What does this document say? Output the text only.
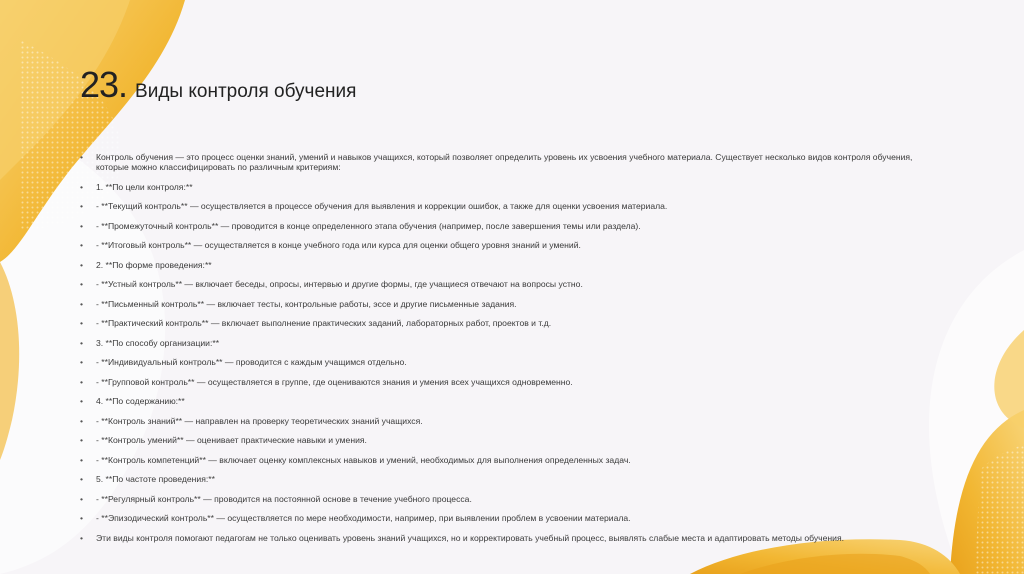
23. Виды контроля обучения
• Контроль обучения — это процесс оценки знаний, умений и навыков учащихся, который позволяет определить уровень их усвоения учебного материала. Существует несколько видов контроля обучения, которые можно классифицировать по различным критериям:
• 1. **По цели контроля:**
• - **Текущий контроль** — осуществляется в процессе обучения для выявления и коррекции ошибок, а также для оценки усвоения материала.
• - **Промежуточный контроль** — проводится в конце определенного этапа обучения (например, после завершения темы или раздела).
• - **Итоговый контроль** — осуществляется в конце учебного года или курса для оценки общего уровня знаний и умений.
• 2. **По форме проведения:**
• - **Устный контроль** — включает беседы, опросы, интервью и другие формы, где учащиеся отвечают на вопросы устно.
• - **Письменный контроль** — включает тесты, контрольные работы, эссе и другие письменные задания.
• - **Практический контроль** — включает выполнение практических заданий, лабораторных работ, проектов и т.д.
• 3. **По способу организации:**
• - **Индивидуальный контроль** — проводится с каждым учащимся отдельно.
• - **Групповой контроль** — осуществляется в группе, где оцениваются знания и умения всех учащихся одновременно.
• 4. **По содержанию:**
• - **Контроль знаний** — направлен на проверку теоретических знаний учащихся.
• - **Контроль умений** — оценивает практические навыки и умения.
• - **Контроль компетенций** — включает оценку комплексных навыков и умений, необходимых для выполнения определенных задач.
• 5. **По частоте проведения:**
• - **Регулярный контроль** — проводится на постоянной основе в течение учебного процесса.
• - **Эпизодический контроль** — осуществляется по мере необходимости, например, при выявлении проблем в усвоении материала.
• Эти виды контроля помогают педагогам не только оценивать уровень знаний учащихся, но и корректировать учебный процесс, выявлять слабые места и адаптировать методы обучения.
